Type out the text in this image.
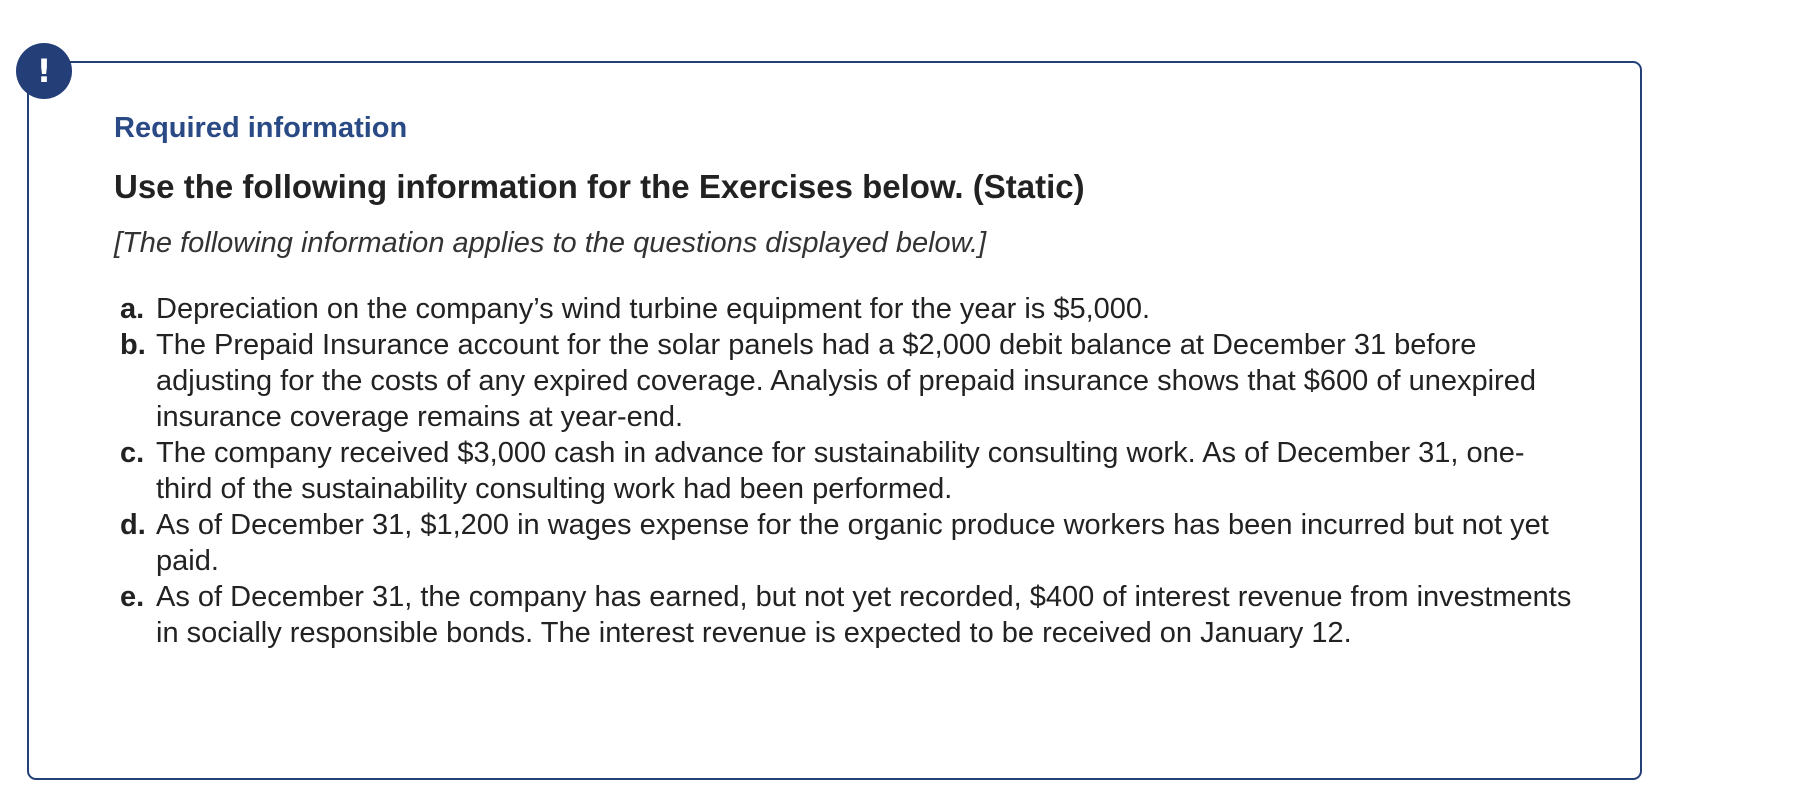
!
Required information
Use the following information for the Exercises below. (Static)
[The following information applies to the questions displayed below.]
a. Depreciation on the company’s wind turbine equipment for the year is $5,000.
b. The Prepaid Insurance account for the solar panels had a $2,000 debit balance at December 31 before adjusting for the costs of any expired coverage. Analysis of prepaid insurance shows that $600 of unexpired insurance coverage remains at year-end.
c. The company received $3,000 cash in advance for sustainability consulting work. As of December 31, one-third of the sustainability consulting work had been performed.
d. As of December 31, $1,200 in wages expense for the organic produce workers has been incurred but not yet paid.
e. As of December 31, the company has earned, but not yet recorded, $400 of interest revenue from investments in socially responsible bonds. The interest revenue is expected to be received on January 12.
